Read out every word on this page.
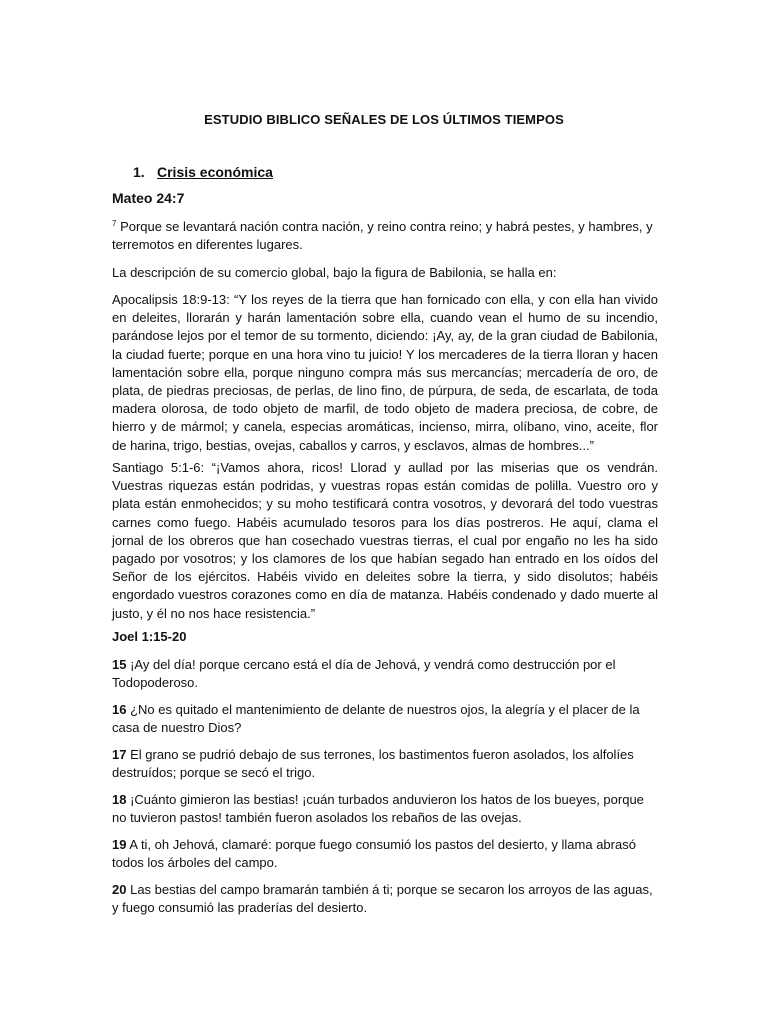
ESTUDIO BIBLICO SEÑALES DE LOS ÚLTIMOS TIEMPOS
1. Crisis económica
Mateo 24:7
$^7$ Porque se levantará nación contra nación, y reino contra reino; y habrá pestes, y hambres, y terremotos en diferentes lugares.
La descripción de su comercio global, bajo la figura de Babilonia, se halla en:
Apocalipsis 18:9-13: “Y los reyes de la tierra que han fornicado con ella, y con ella han vivido en deleites, llorarán y harán lamentación sobre ella, cuando vean el humo de su incendio, parándose lejos por el temor de su tormento, diciendo: ¡Ay, ay, de la gran ciudad de Babilonia, la ciudad fuerte; porque en una hora vino tu juicio! Y los mercaderes de la tierra lloran y hacen lamentación sobre ella, porque ninguno compra más sus mercancías; mercadería de oro, de plata, de piedras preciosas, de perlas, de lino fino, de púrpura, de seda, de escarlata, de toda madera olorosa, de todo objeto de marfil, de todo objeto de madera preciosa, de cobre, de hierro y de mármol; y canela, especias aromáticas, incienso, mirra, olíbano, vino, aceite, flor de harina, trigo, bestias, ovejas, caballos y carros, y esclavos, almas de hombres...”
Santiago 5:1-6: “¡Vamos ahora, ricos! Llorad y aullad por las miserias que os vendrán. Vuestras riquezas están podridas, y vuestras ropas están comidas de polilla. Vuestro oro y plata están enmohecidos; y su moho testificará contra vosotros, y devorará del todo vuestras carnes como fuego. Habéis acumulado tesoros para los días postreros. He aquí, clama el jornal de los obreros que han cosechado vuestras tierras, el cual por engaño no les ha sido pagado por vosotros; y los clamores de los que habían segado han entrado en los oídos del Señor de los ejércitos. Habéis vivido en deleites sobre la tierra, y sido disolutos; habéis engordado vuestros corazones como en día de matanza. Habéis condenado y dado muerte al justo, y él no nos hace resistencia.”
Joel 1:15-20
15 ¡Ay del día! porque cercano está el día de Jehová, y vendrá como destrucción por el Todopoderoso.
16 ¿No es quitado el mantenimiento de delante de nuestros ojos, la alegría y el placer de la casa de nuestro Dios?
17 El grano se pudrió debajo de sus terrones, los bastimentos fueron asolados, los alfolíes destruídos; porque se secó el trigo.
18 ¡Cuánto gimieron las bestias! ¡cuán turbados anduvieron los hatos de los bueyes, porque no tuvieron pastos! también fueron asolados los rebaños de las ovejas.
19 A ti, oh Jehová, clamaré: porque fuego consumió los pastos del desierto, y llama abrasó todos los árboles del campo.
20 Las bestias del campo bramarán también á ti; porque se secaron los arroyos de las aguas, y fuego consumió las praderías del desierto.
